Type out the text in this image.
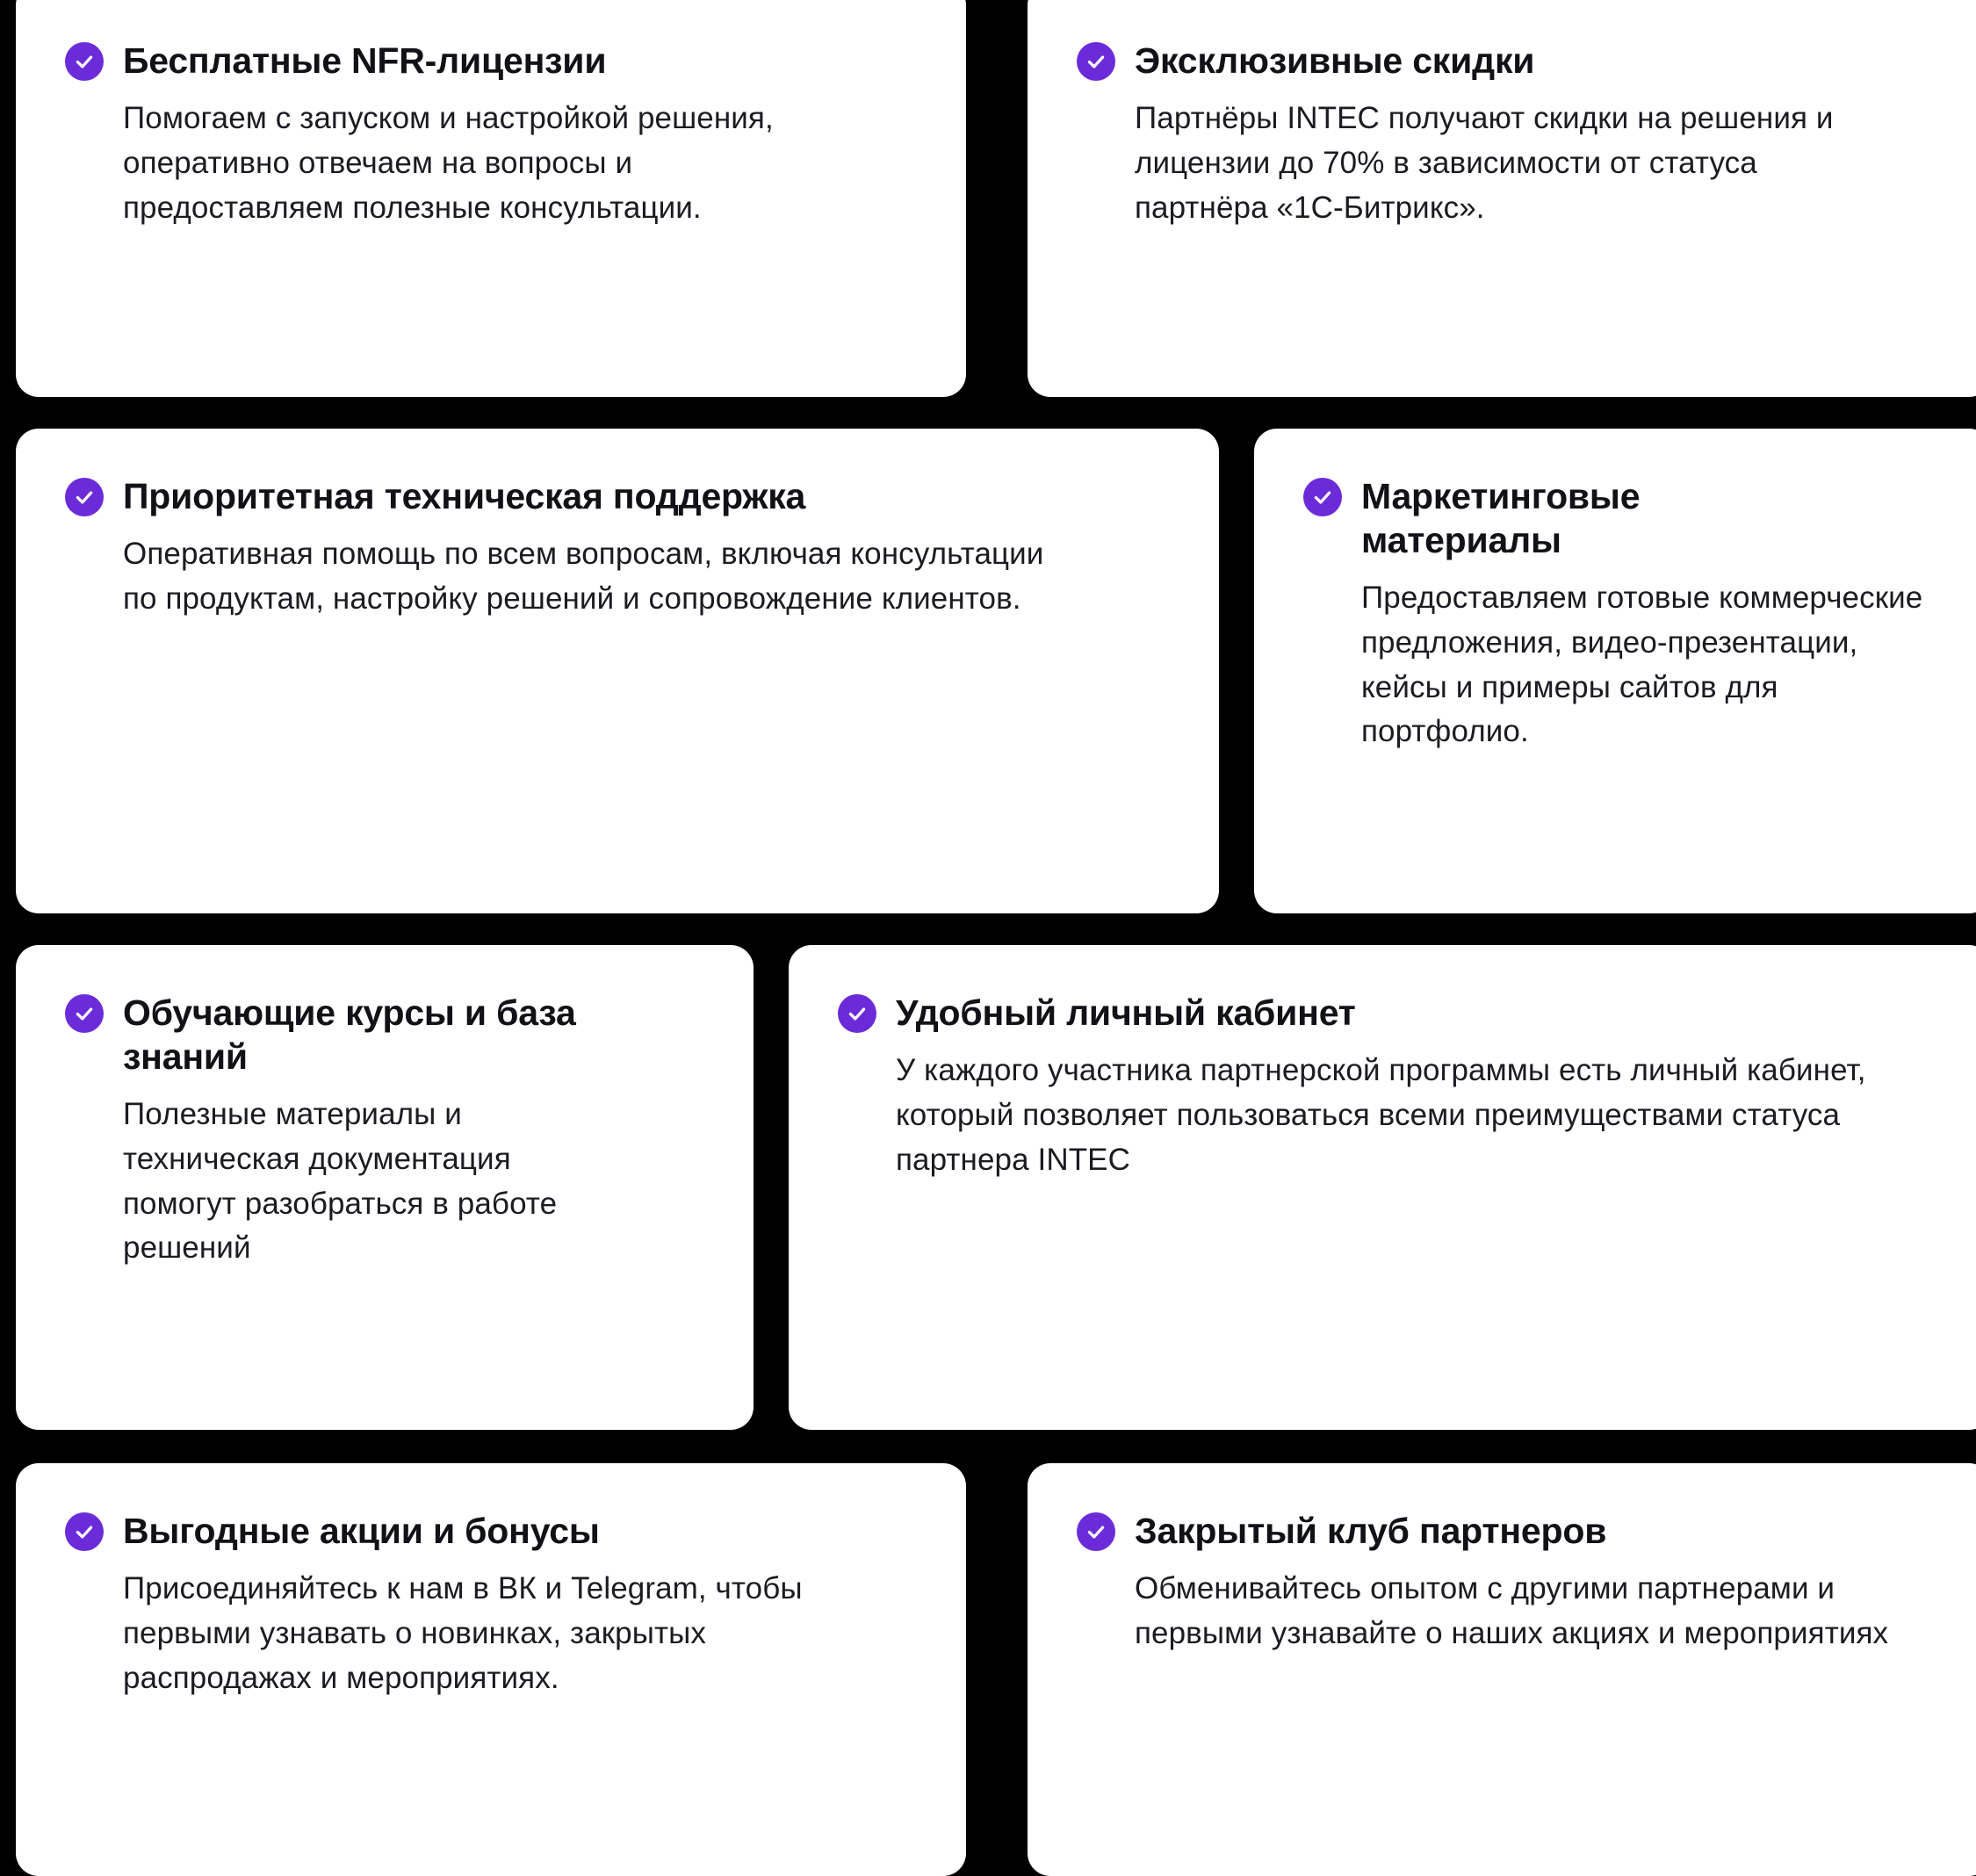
Бесплатные NFR-лицензии

Помогаем с запуском и настройкой решения, оперативно отвечаем на вопросы и предоставляем полезные консультации.

Эксклюзивные скидки

Партнёры INTEC получают скидки на решения и лицензии до 70% в зависимости от статуса партнёра «1С-Битрикс».

Приоритетная техническая поддержка

Оперативная помощь по всем вопросам, включая консультации по продуктам, настройку решений и сопровождение клиентов.

Маркетинговые материалы

Предоставляем готовые коммерческие предложения, видео-презентации, кейсы и примеры сайтов для портфолио.

Обучающие курсы и база знаний

Полезные материалы и техническая документация помогут разобраться в работе решений

Удобный личный кабинет

У каждого участника партнерской программы есть личный кабинет, который позволяет пользоваться всеми преимуществами статуса партнера INTEC

Выгодные акции и бонусы

Присоединяйтесь к нам в ВК и Telegram, чтобы первыми узнавать о новинках, закрытых распродажах и мероприятиях.

Закрытый клуб партнеров

Обменивайтесь опытом с другими партнерами и первыми узнавайте о наших акциях и мероприятиях
